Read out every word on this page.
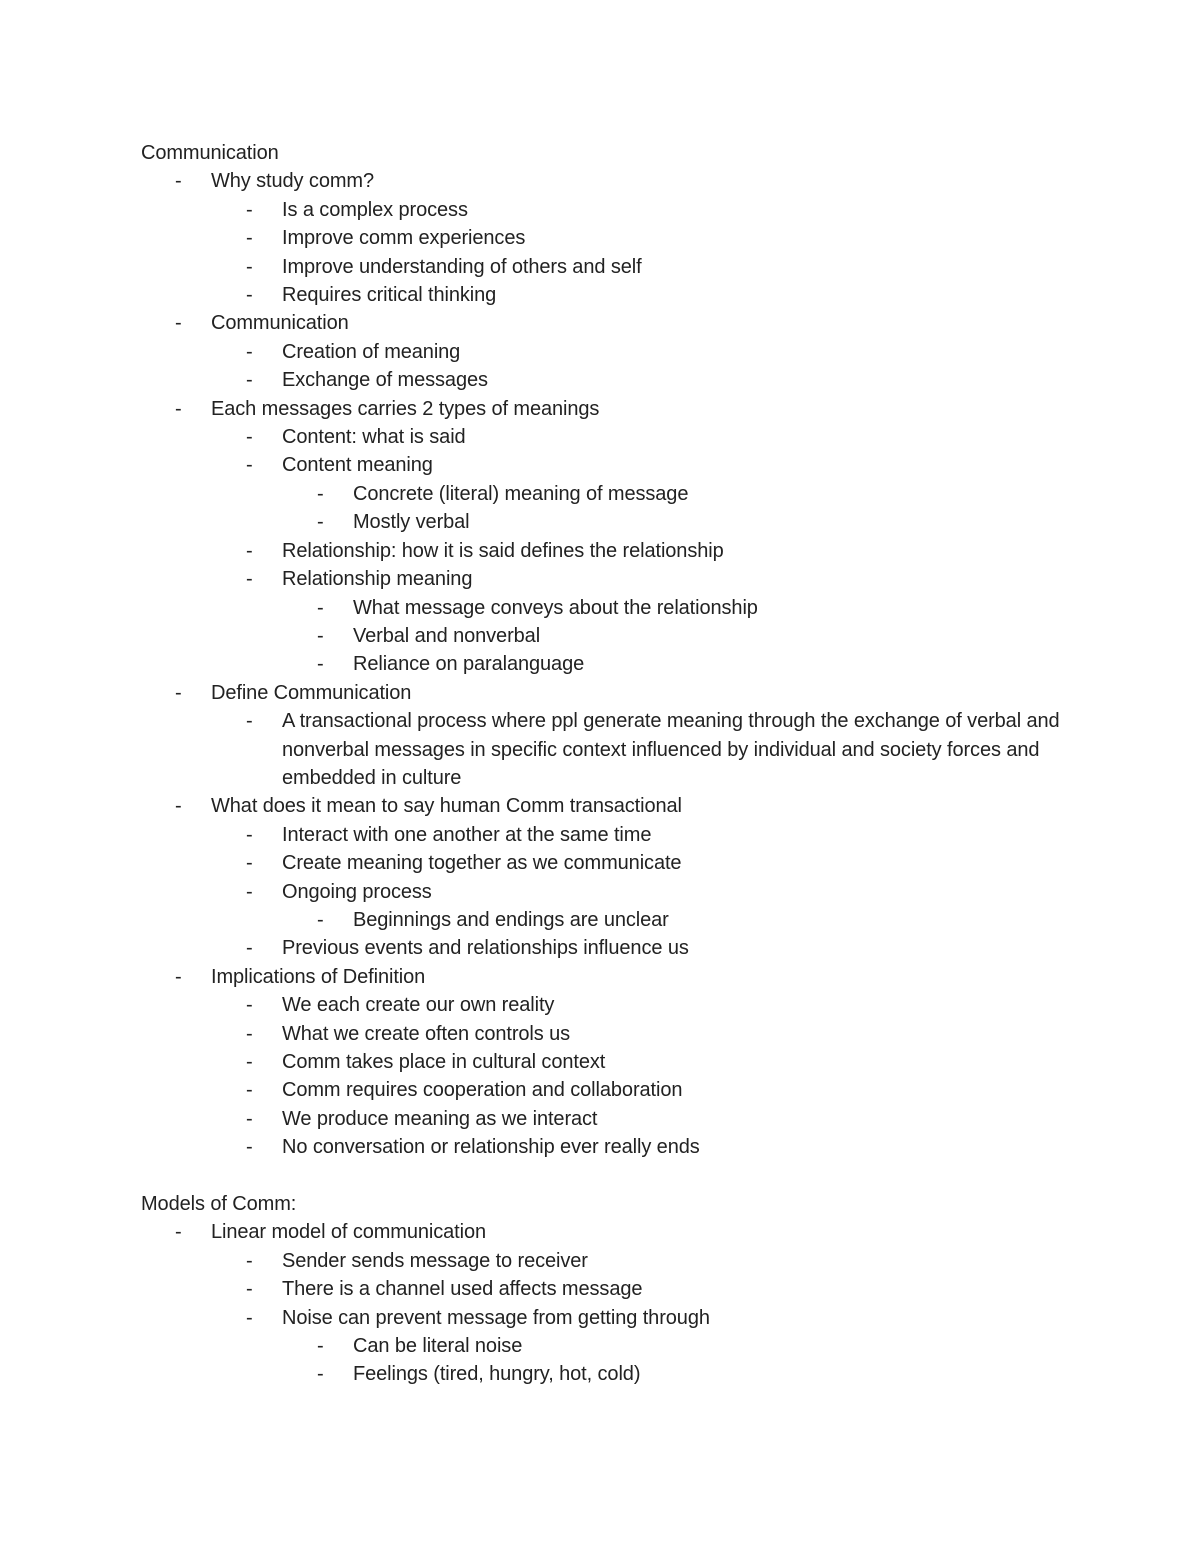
Communication
- Why study comm?
- Is a complex process
- Improve comm experiences
- Improve understanding of others and self
- Requires critical thinking
- Communication
- Creation of meaning
- Exchange of messages
- Each messages carries 2 types of meanings
- Content: what is said
- Content meaning
- Concrete (literal) meaning of message
- Mostly verbal
- Relationship: how it is said defines the relationship
- Relationship meaning
- What message conveys about the relationship
- Verbal and nonverbal
- Reliance on paralanguage
- Define Communication
- A transactional process where ppl generate meaning through the exchange of verbal and nonverbal messages in specific context influenced by individual and society forces and embedded in culture
- What does it mean to say human Comm transactional
- Interact with one another at the same time
- Create meaning together as we communicate
- Ongoing process
- Beginnings and endings are unclear
- Previous events and relationships influence us
- Implications of Definition
- We each create our own reality
- What we create often controls us
- Comm takes place in cultural context
- Comm requires cooperation and collaboration
- We produce meaning as we interact
- No conversation or relationship ever really ends
Models of Comm:
- Linear model of communication
- Sender sends message to receiver
- There is a channel used affects message
- Noise can prevent message from getting through
- Can be literal noise
- Feelings (tired, hungry, hot, cold)
